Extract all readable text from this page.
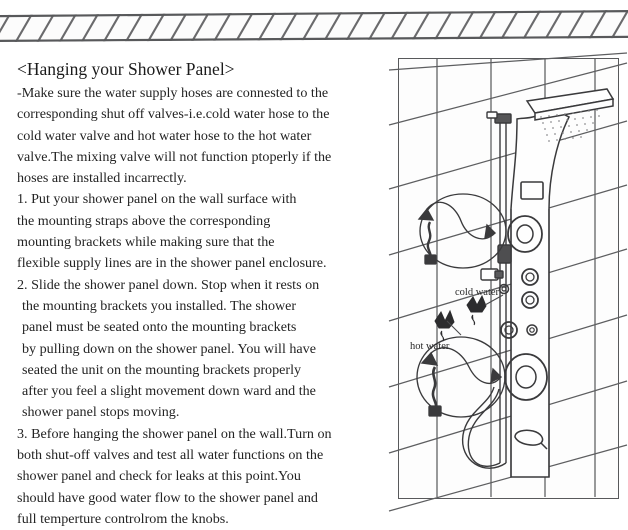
<Hanging your Shower Panel>

-Make sure the water supply hoses are connested to the

corresponding shut off valves-i.e.cold water hose to the

cold water valve and hot water hose to the hot water

valve.The mixing valve will not function ptoperly if the

hoses are installed incarrectly.

1. Put your shower panel on the wall surface with

the mounting straps above the corresponding

mounting brackets while making sure that the

flexible supply lines are in the shower panel enclosure.

2. Slide the shower panel down. Stop when it rests on

the mounting brackets you installed. The shower

panel must be seated onto the mounting brackets

by pulling down on the shower panel. You will have

seated the unit on the mounting brackets properly

after you feel a slight movement down ward and the

shower panel stops moving.

3. Before hanging the shower panel on the wall.Turn on

both shut-off valves and test all water functions on the

shower panel and check for leaks at this point.You

should have good water flow to the shower panel and

full temperture controlrom the knobs.

cold water
hot water
